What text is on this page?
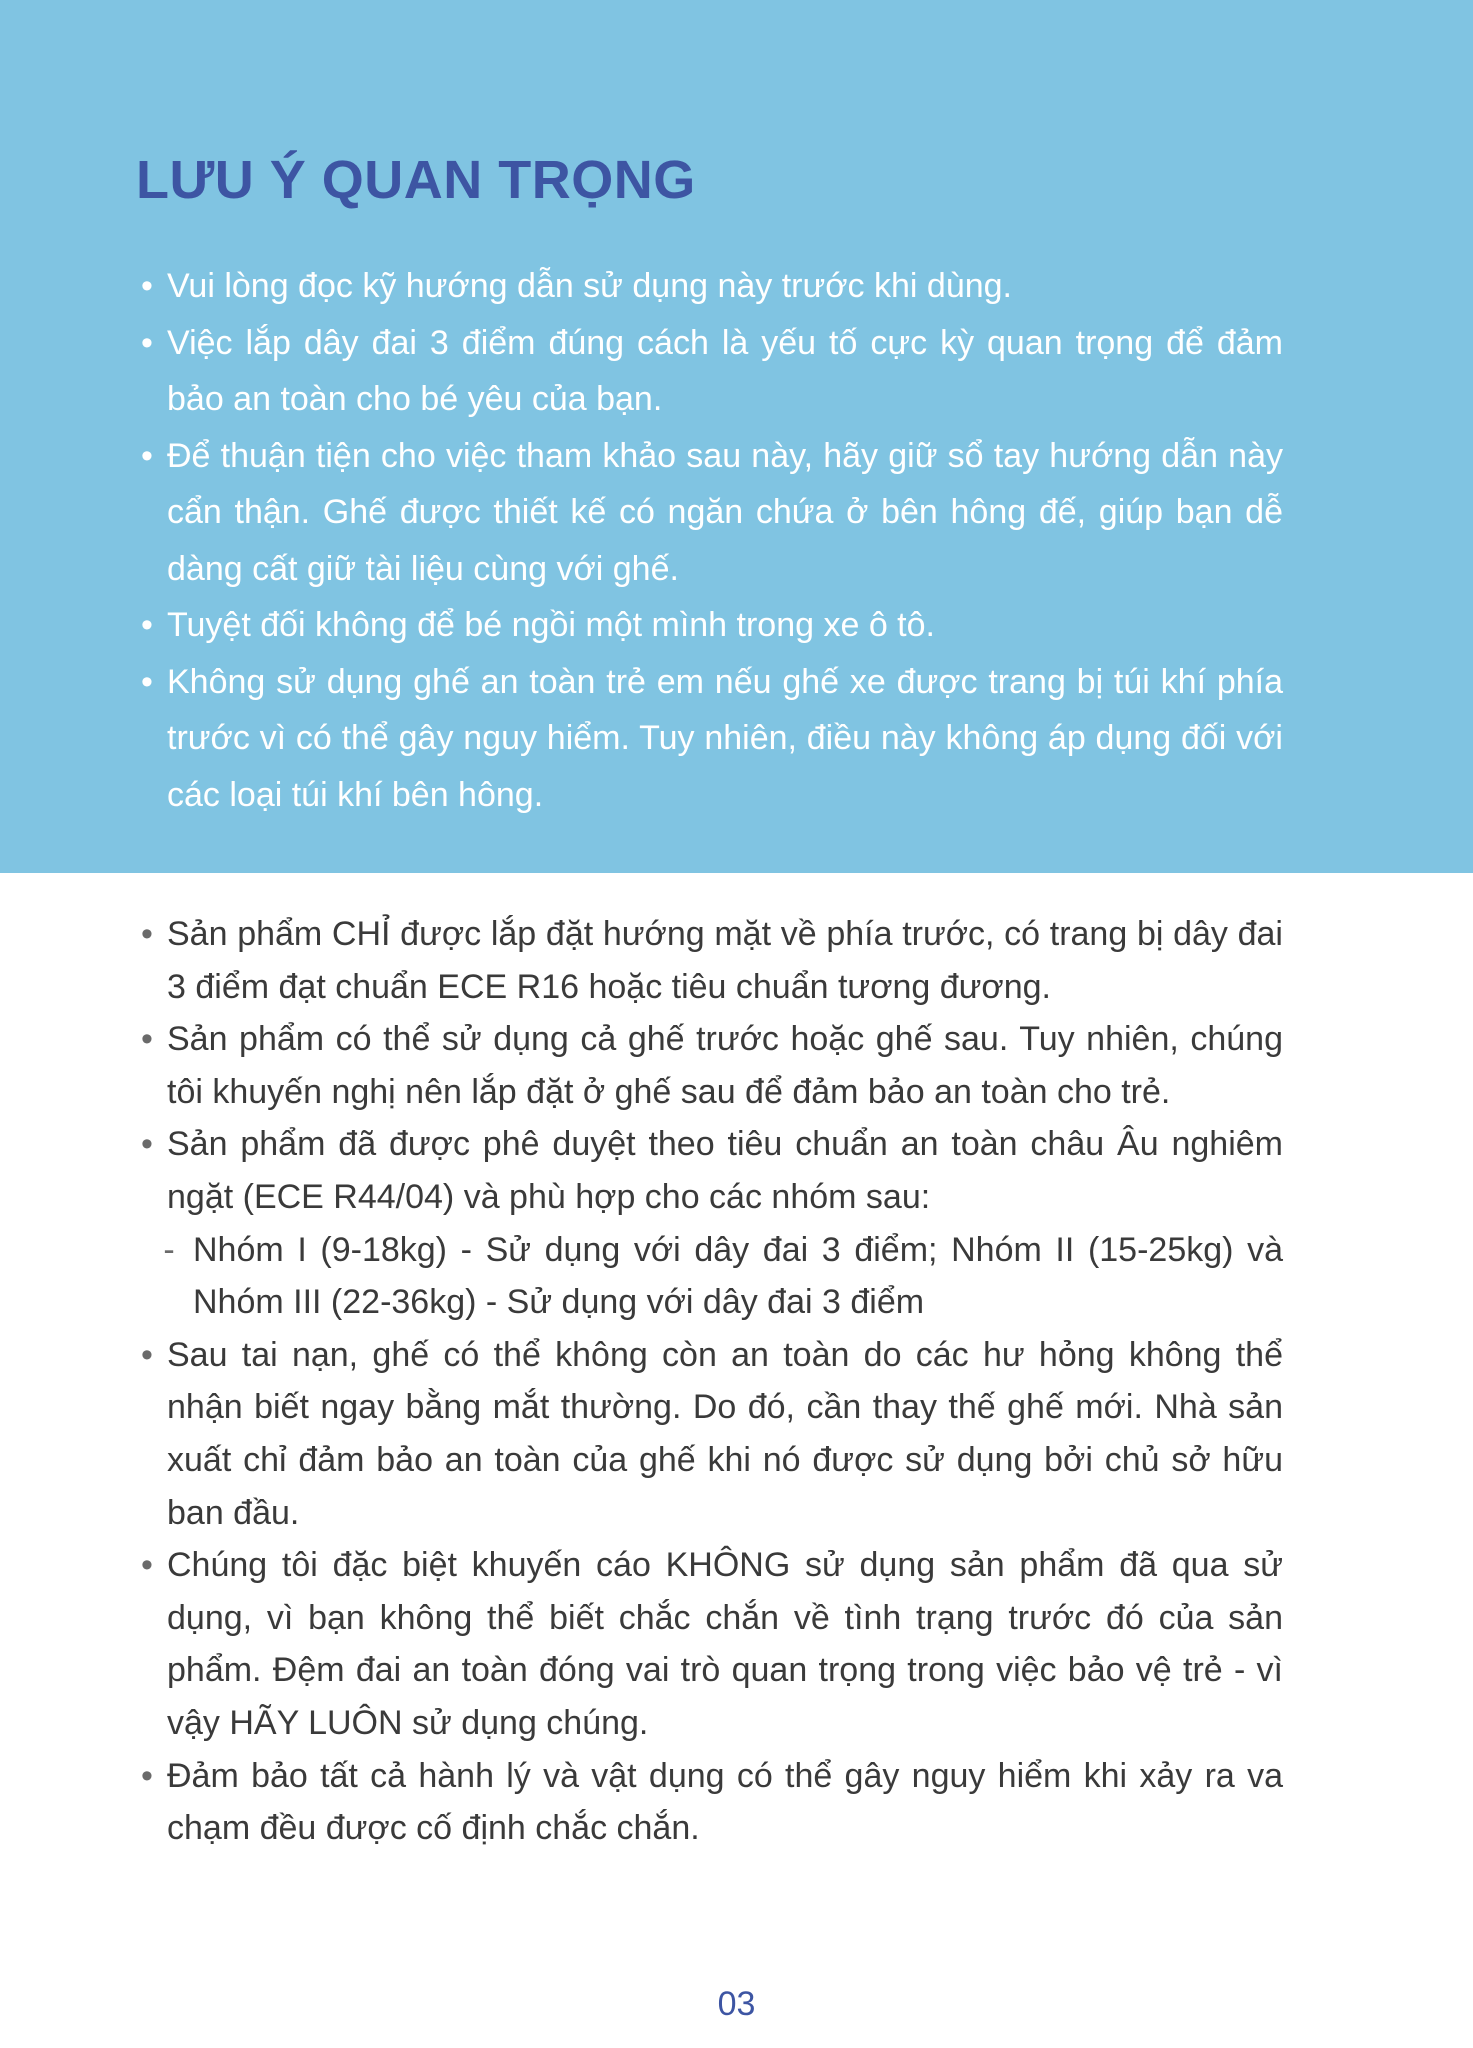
LƯU Ý QUAN TRỌNG
• Vui lòng đọc kỹ hướng dẫn sử dụng này trước khi dùng.
• Việc lắp dây đai 3 điểm đúng cách là yếu tố cực kỳ quan trọng để đảm bảo an toàn cho bé yêu của bạn.
• Để thuận tiện cho việc tham khảo sau này, hãy giữ sổ tay hướng dẫn này cẩn thận. Ghế được thiết kế có ngăn chứa ở bên hông đế, giúp bạn dễ dàng cất giữ tài liệu cùng với ghế.
• Tuyệt đối không để bé ngồi một mình trong xe ô tô.
• Không sử dụng ghế an toàn trẻ em nếu ghế xe được trang bị túi khí phía trước vì có thể gây nguy hiểm. Tuy nhiên, điều này không áp dụng đối với các loại túi khí bên hông.
• Sản phẩm CHỈ được lắp đặt hướng mặt về phía trước, có trang bị dây đai 3 điểm đạt chuẩn ECE R16 hoặc tiêu chuẩn tương đương.
• Sản phẩm có thể sử dụng cả ghế trước hoặc ghế sau. Tuy nhiên, chúng tôi khuyến nghị nên lắp đặt ở ghế sau để đảm bảo an toàn cho trẻ.
• Sản phẩm đã được phê duyệt theo tiêu chuẩn an toàn châu Âu nghiêm ngặt (ECE R44/04) và phù hợp cho các nhóm sau:
- Nhóm I (9-18kg) - Sử dụng với dây đai 3 điểm; Nhóm II (15-25kg) và Nhóm III (22-36kg) - Sử dụng với dây đai 3 điểm
• Sau tai nạn, ghế có thể không còn an toàn do các hư hỏng không thể nhận biết ngay bằng mắt thường. Do đó, cần thay thế ghế mới. Nhà sản xuất chỉ đảm bảo an toàn của ghế khi nó được sử dụng bởi chủ sở hữu ban đầu.
• Chúng tôi đặc biệt khuyến cáo KHÔNG sử dụng sản phẩm đã qua sử dụng, vì bạn không thể biết chắc chắn về tình trạng trước đó của sản phẩm. Đệm đai an toàn đóng vai trò quan trọng trong việc bảo vệ trẻ - vì vậy HÃY LUÔN sử dụng chúng.
• Đảm bảo tất cả hành lý và vật dụng có thể gây nguy hiểm khi xảy ra va chạm đều được cố định chắc chắn.
03
